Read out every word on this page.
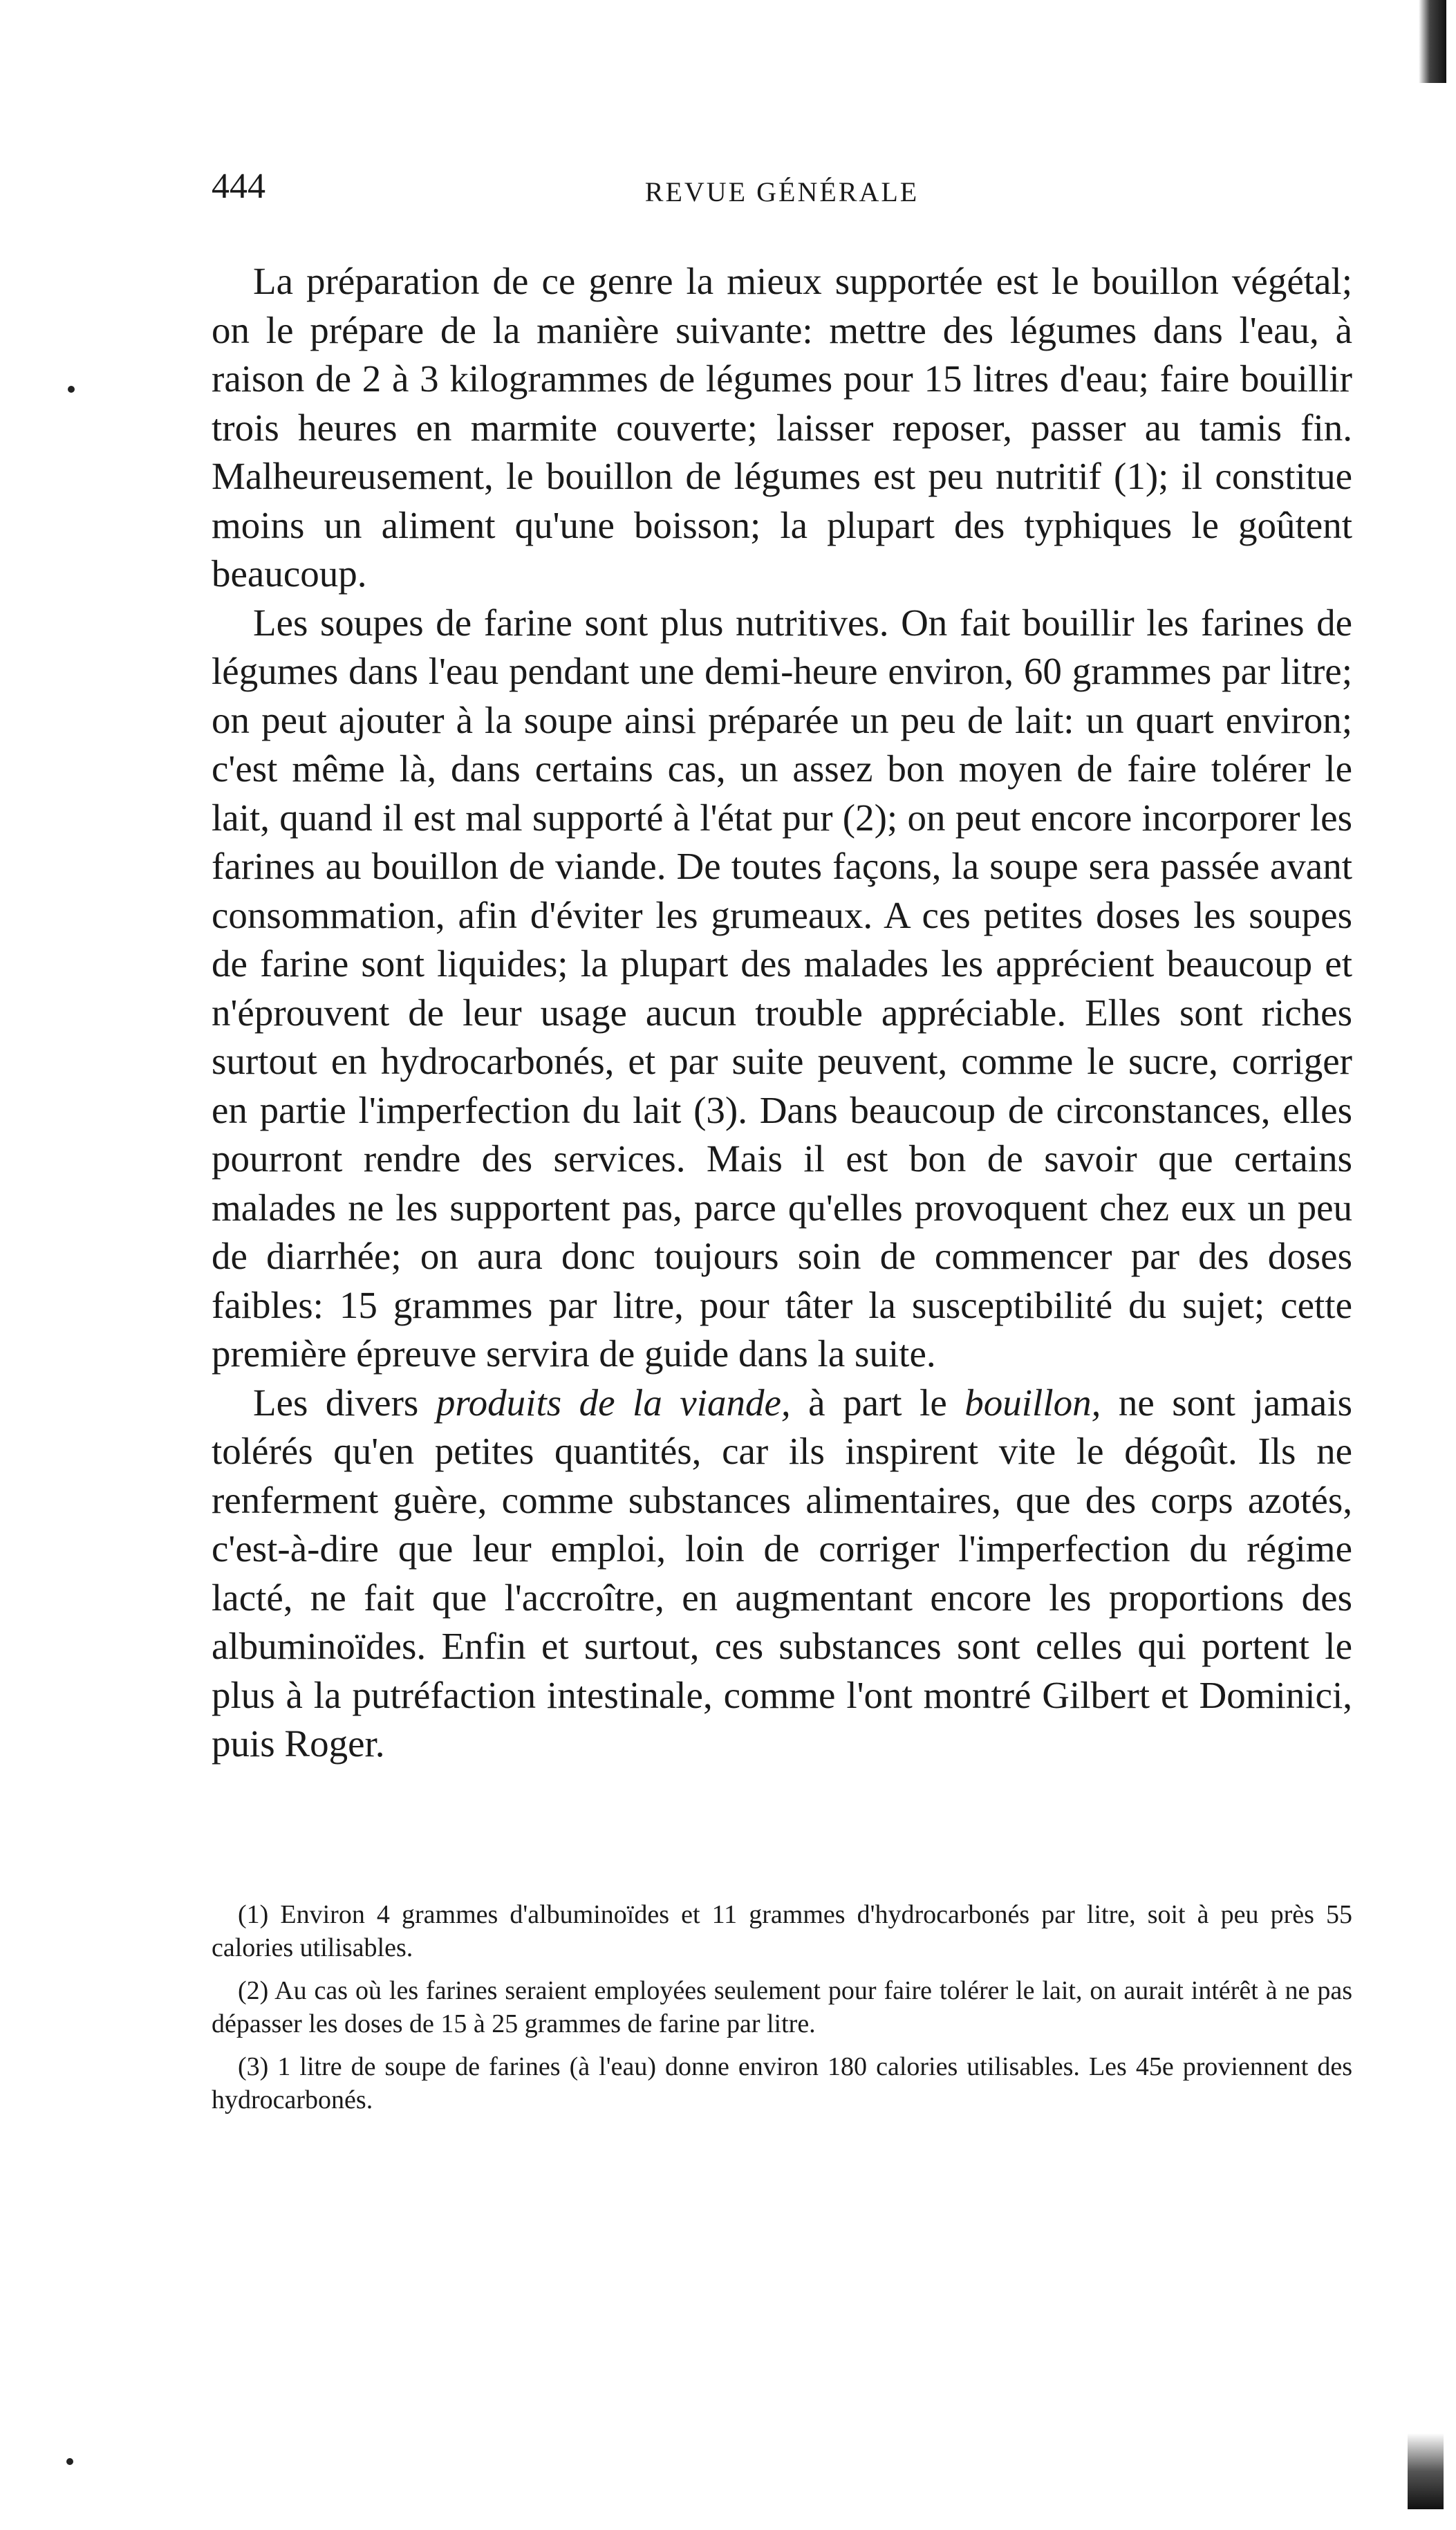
444	REVUE GÉNÉRALE

La préparation de ce genre la mieux supportée est le bouillon végétal; on le prépare de la manière suivante: mettre des légumes dans l'eau, à raison de 2 à 3 kilogrammes de légumes pour 15 litres d'eau; faire bouillir trois heures en marmite couverte; laisser reposer, passer au tamis fin. Malheureusement, le bouillon de légumes est peu nutritif (1); il constitue moins un aliment qu'une boisson; la plupart des typhiques le goûtent beaucoup.

Les soupes de farine sont plus nutritives. On fait bouillir les farines de légumes dans l'eau pendant une demi-heure environ, 60 grammes par litre; on peut ajouter à la soupe ainsi préparée un peu de lait: un quart environ; c'est même là, dans certains cas, un assez bon moyen de faire tolérer le lait, quand il est mal supporté à l'état pur (2); on peut encore incorporer les farines au bouillon de viande. De toutes façons, la soupe sera passée avant consommation, afin d'éviter les grumeaux. A ces petites doses les soupes de farine sont liquides; la plupart des malades les apprécient beaucoup et n'éprouvent de leur usage aucun trouble appréciable. Elles sont riches surtout en hydrocarbonés, et par suite peuvent, comme le sucre, corriger en partie l'imperfection du lait (3). Dans beaucoup de circonstances, elles pourront rendre des services. Mais il est bon de savoir que certains malades ne les supportent pas, parce qu'elles provoquent chez eux un peu de diarrhée; on aura donc toujours soin de commencer par des doses faibles: 15 grammes par litre, pour tâter la susceptibilité du sujet; cette première épreuve servira de guide dans la suite.

Les divers produits de la viande, à part le bouillon, ne sont jamais tolérés qu'en petites quantités, car ils inspirent vite le dégoût. Ils ne renferment guère, comme substances alimentaires, que des corps azotés, c'est-à-dire que leur emploi, loin de corriger l'imperfection du régime lacté, ne fait que l'accroître, en augmentant encore les proportions des albuminoïdes. Enfin et surtout, ces substances sont celles qui portent le plus à la putréfaction intestinale, comme l'ont montré Gilbert et Dominici, puis Roger.

(1) Environ 4 grammes d'albuminoïdes et 11 grammes d'hydrocarbonés par litre, soit à peu près 55 calories utilisables.

(2) Au cas où les farines seraient employées seulement pour faire tolérer le lait, on aurait intérêt à ne pas dépasser les doses de 15 à 25 grammes de farine par litre.

(3) 1 litre de soupe de farines (à l'eau) donne environ 180 calories utilisables. Les 45e proviennent des hydrocarbonés.
